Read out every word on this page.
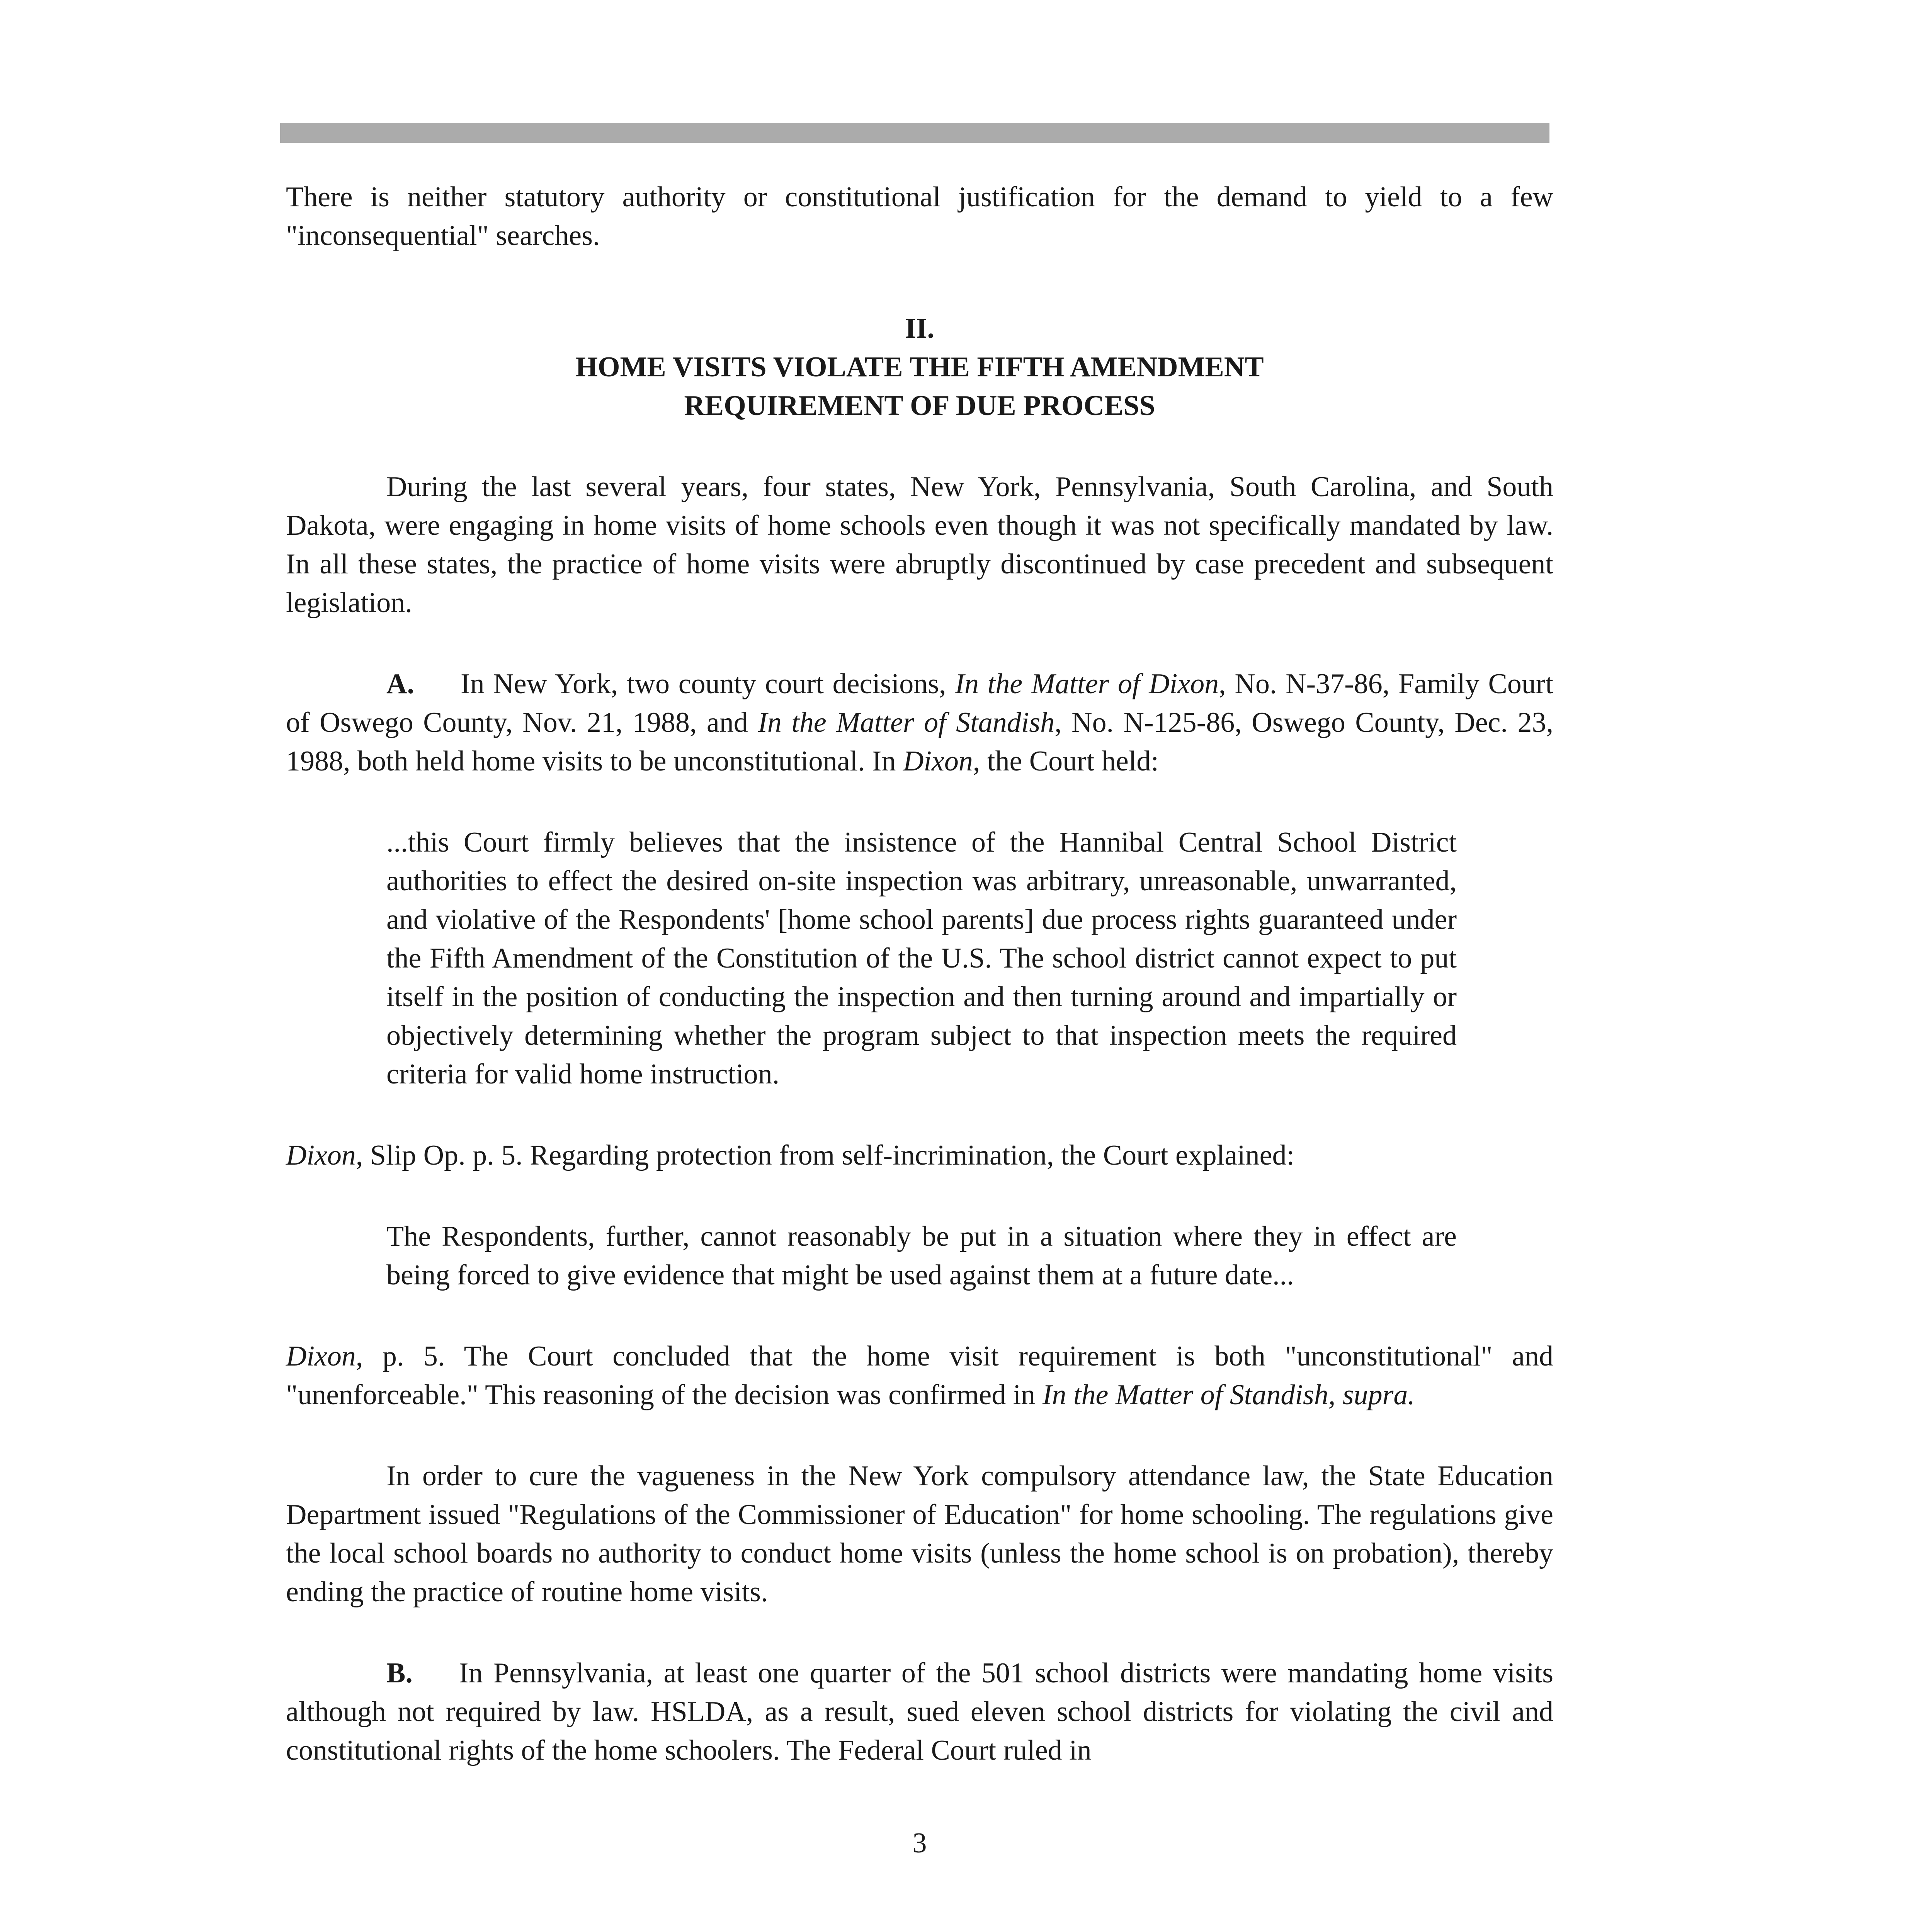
There is neither statutory authority or constitutional justification for the demand to yield to a few "inconsequential" searches.

II.
HOME VISITS VIOLATE THE FIFTH AMENDMENT
REQUIREMENT OF DUE PROCESS

During the last several years, four states, New York, Pennsylvania, South Carolina, and South Dakota, were engaging in home visits of home schools even though it was not specifically mandated by law. In all these states, the practice of home visits were abruptly discontinued by case precedent and subsequent legislation.

A. In New York, two county court decisions, In the Matter of Dixon, No. N-37-86, Family Court of Oswego County, Nov. 21, 1988, and In the Matter of Standish, No. N-125-86, Oswego County, Dec. 23, 1988, both held home visits to be unconstitutional. In Dixon, the Court held:

...this Court firmly believes that the insistence of the Hannibal Central School District authorities to effect the desired on-site inspection was arbitrary, unreasonable, unwarranted, and violative of the Respondents' [home school parents] due process rights guaranteed under the Fifth Amendment of the Constitution of the U.S. The school district cannot expect to put itself in the position of conducting the inspection and then turning around and impartially or objectively determining whether the program subject to that inspection meets the required criteria for valid home instruction.

Dixon, Slip Op. p. 5. Regarding protection from self-incrimination, the Court explained:

The Respondents, further, cannot reasonably be put in a situation where they in effect are being forced to give evidence that might be used against them at a future date...

Dixon, p. 5. The Court concluded that the home visit requirement is both "unconstitutional" and "unenforceable." This reasoning of the decision was confirmed in In the Matter of Standish, supra.

In order to cure the vagueness in the New York compulsory attendance law, the State Education Department issued "Regulations of the Commissioner of Education" for home schooling. The regulations give the local school boards no authority to conduct home visits (unless the home school is on probation), thereby ending the practice of routine home visits.

B. In Pennsylvania, at least one quarter of the 501 school districts were mandating home visits although not required by law. HSLDA, as a result, sued eleven school districts for violating the civil and constitutional rights of the home schoolers. The Federal Court ruled in

3
